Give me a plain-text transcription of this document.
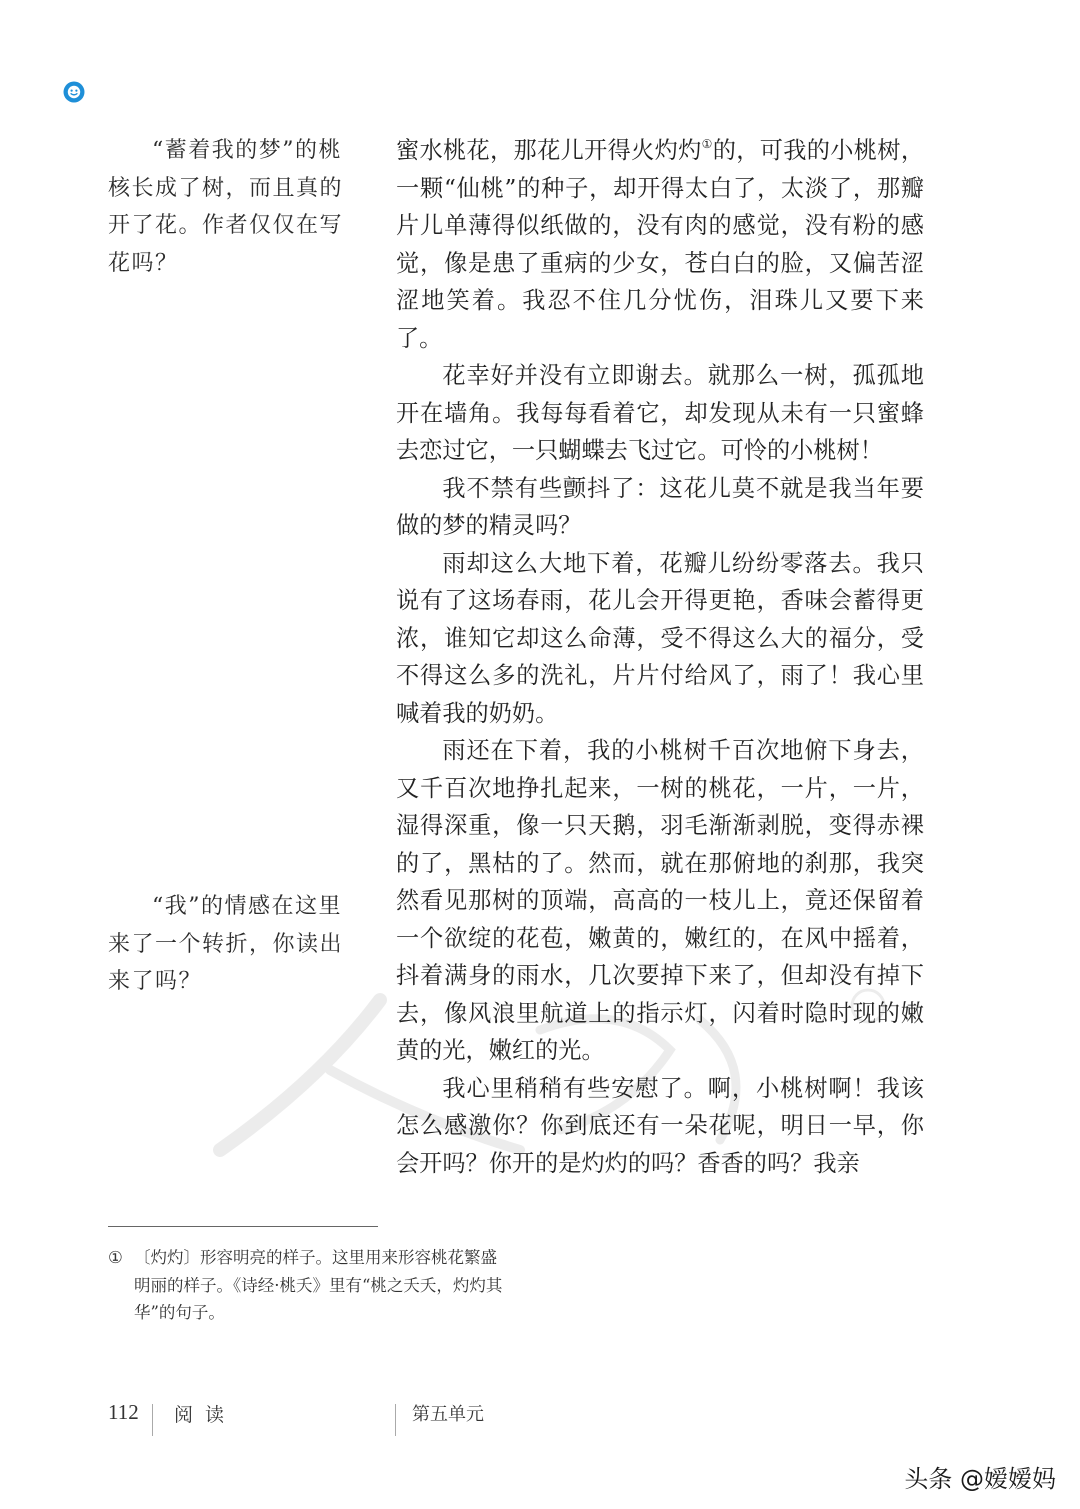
“蓄着我的梦”的桃核长成了树，而且真的开了花。作者仅仅在写花吗？

“我”的情感在这里来了一个转折，你读出来了吗？

蜜水桃花，那花儿开得火灼灼①的，可我的小桃树，一颗“仙桃”的种子，却开得太白了，太淡了，那瓣片儿单薄得似纸做的，没有肉的感觉，没有粉的感觉，像是患了重病的少女，苍白白的脸，又偏苦涩涩地笑着。我忍不住几分忧伤，泪珠儿又要下来了。

花幸好并没有立即谢去。就那么一树，孤孤地开在墙角。我每每看着它，却发现从未有一只蜜蜂去恋过它，一只蝴蝶去飞过它。可怜的小桃树！

我不禁有些颤抖了：这花儿莫不就是我当年要做的梦的精灵吗？

雨却这么大地下着，花瓣儿纷纷零落去。我只说有了这场春雨，花儿会开得更艳，香味会蓄得更浓，谁知它却这么命薄，受不得这么大的福分，受不得这么多的洗礼，片片付给风了，雨了！我心里喊着我的奶奶。

雨还在下着，我的小桃树千百次地俯下身去，又千百次地挣扎起来，一树的桃花，一片，一片，湿得深重，像一只天鹅，羽毛渐渐剥脱，变得赤裸的了，黑枯的了。然而，就在那俯地的刹那，我突然看见那树的顶端，高高的一枝儿上，竟还保留着一个欲绽的花苞，嫩黄的，嫩红的，在风中摇着，抖着满身的雨水，几次要掉下来了，但却没有掉下去，像风浪里航道上的指示灯，闪着时隐时现的嫩黄的光，嫩红的光。

我心里稍稍有些安慰了。啊，小桃树啊！我该怎么感激你？你到底还有一朵花呢，明日一早，你会开吗？你开的是灼灼的吗？香香的吗？我亲

① 〔灼灼〕形容明亮的样子。这里用来形容桃花繁盛明丽的样子。《诗经·桃夭》里有“桃之夭夭，灼灼其华”的句子。
112 阅读	第五单元
头条 @嫒嫒妈
